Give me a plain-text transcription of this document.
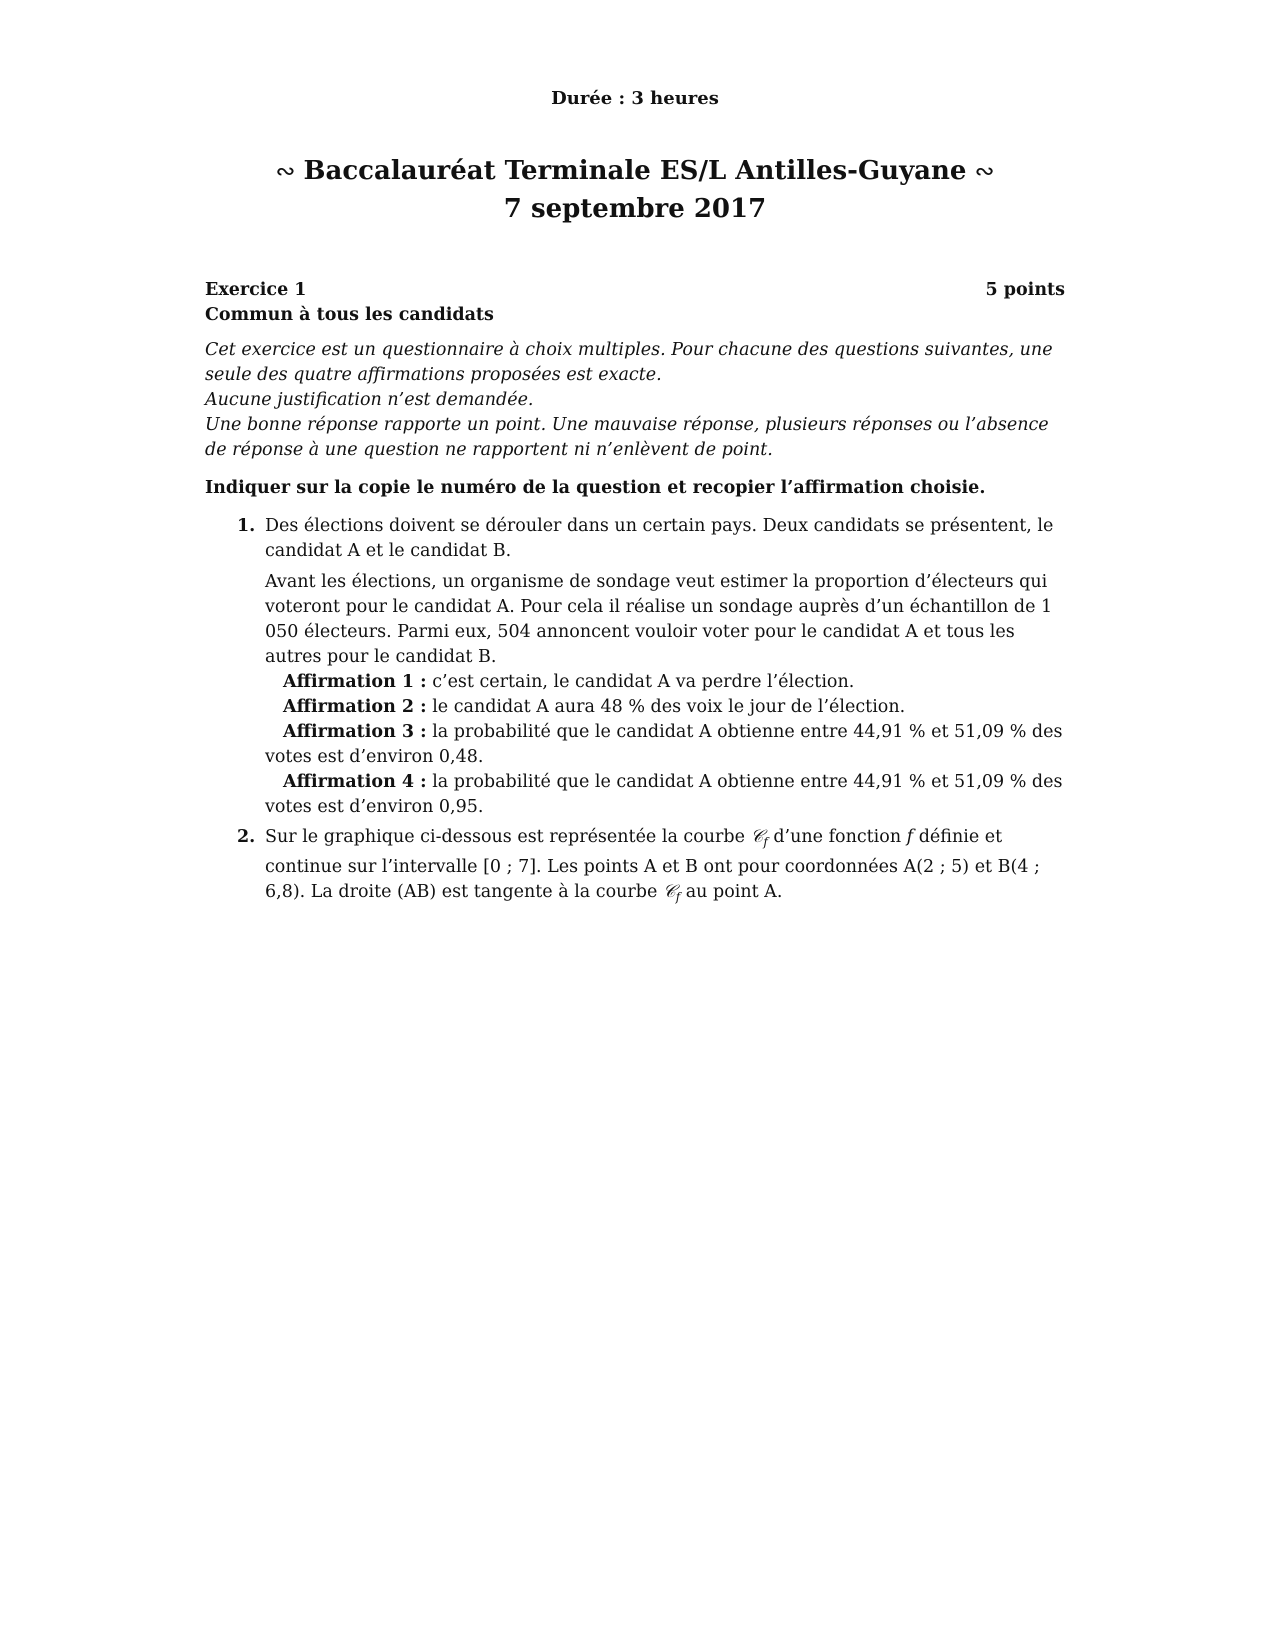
Durée : 3 heures

∾ Baccalauréat Terminale ES/L Antilles-Guyane ∾
7 septembre 2017
Exercice 1	5 points
Commun à tous les candidats

Cet exercice est un questionnaire à choix multiples. Pour chacune des questions suivantes, une seule des quatre affirmations proposées est exacte.

Aucune justification n’est demandée.

Une bonne réponse rapporte un point. Une mauvaise réponse, plusieurs réponses ou l’absence de réponse à une question ne rapportent ni n’enlèvent de point.

Indiquer sur la copie le numéro de la question et recopier l’affirmation choisie.
1. Des élections doivent se dérouler dans un certain pays. Deux candidats se présentent, le candidat A et le candidat B.

Avant les élections, un organisme de sondage veut estimer la proportion d’électeurs qui voteront pour le candidat A. Pour cela il réalise un sondage auprès d’un échantillon de 1 050 électeurs. Parmi eux, 504 annoncent vouloir voter pour le candidat A et tous les autres pour le candidat B.

Affirmation 1 : c’est certain, le candidat A va perdre l’élection.

Affirmation 2 : le candidat A aura 48 % des voix le jour de l’élection.

Affirmation 3 : la probabilité que le candidat A obtienne entre 44,91 % et 51,09 % des votes est d’environ 0,48.

Affirmation 4 : la probabilité que le candidat A obtienne entre 44,91 % et 51,09 % des votes est d’environ 0,95.

2. Sur le graphique ci-dessous est représentée la courbe 𝒞$_f$ d’une fonction f définie et continue sur l’intervalle [0 ; 7]. Les points A et B ont pour coordonnées A(2 ; 5) et B(4 ; 6,8). La droite (AB) est tangente à la courbe 𝒞$_f$ au point A.
